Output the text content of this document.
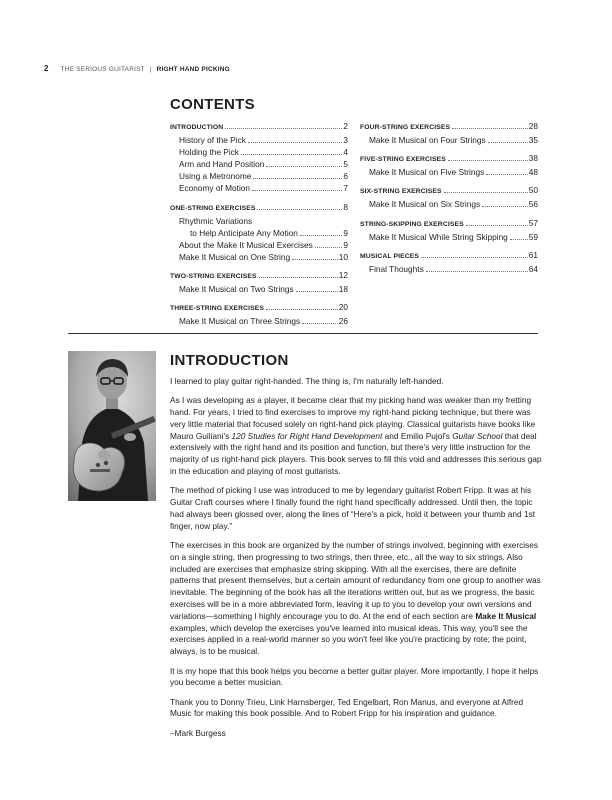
2 THE SERIOUS GUITARIST | RIGHT HAND PICKING
CONTENTS
INTRODUCTION	2
History of the Pick	3
Holding the Pick	4
Arm and Hand Position	5
Using a Metronome	6
Economy of Motion	7
ONE-STRING EXERCISES	8
Rhythmic Variations
to Help Anticipate Any Motion	9
About the Make It Musical Exercises	9
Make It Musical on One String	10
TWO-STRING EXERCISES	12
Make It Musical on Two Strings	18
THREE-STRING EXERCISES	20
Make It Musical on Three Strings	26
FOUR-STRING EXERCISES	28
Make It Musical on Four Strings	35
FIVE-STRING EXERCISES	38
Make It Musical on Five Strings	48
SIX-STRING EXERCISES	50
Make It Musical on Six Strings	56
STRING-SKIPPING EXERCISES	57
Make It Musical While String Skipping	59
MUSICAL PIECES	61
Final Thoughts	64
INTRODUCTION

I learned to play guitar right-handed. The thing is, I'm naturally left-handed.

As I was developing as a player, it became clear that my picking hand was weaker than my fretting hand. For years, I tried to find exercises to improve my right-hand picking technique, but there was very little material that focused solely on right-hand pick playing. Classical guitarists have books like Mauro Guiliani's 120 Studies for Right Hand Development and Emilio Pujol's Guitar School that deal extensively with the right hand and its position and function, but there's very little instruction for the majority of us right-hand pick players. This book serves to fill this void and addresses this serious gap in the education and playing of most guitarists.

The method of picking I use was introduced to me by legendary guitarist Robert Fripp. It was at his Guitar Craft courses where I finally found the right hand specifically addressed. Until then, the topic had always been glossed over, along the lines of “Here's a pick, hold it between your thumb and 1st finger, now play.”

The exercises in this book are organized by the number of strings involved, beginning with exercises on a single string, then progressing to two strings, then three, etc., all the way to six strings. Also included are exercises that emphasize string skipping. With all the exercises, there are definite patterns that present themselves, but a certain amount of redundancy from one group to another was inevitable. The beginning of the book has all the iterations written out, but as we progress, the basic exercises will be in a more abbreviated form, leaving it up to you to develop your own versions and variations—something I highly encourage you to do. At the end of each section are Make It Musical examples, which develop the exercises you've learned into musical ideas. This way, you'll see the exercises applied in a real-world manner so you won't feel like you're practicing by rote; the point, always, is to be musical.

It is my hope that this book helps you become a better guitar player. More importantly, I hope it helps you become a better musician.

Thank you to Donny Trieu, Link Harnsberger, Ted Engelbart, Ron Manus, and everyone at Alfred Music for making this book possible. And to Robert Fripp for his inspiration and guidance.

–Mark Burgess
